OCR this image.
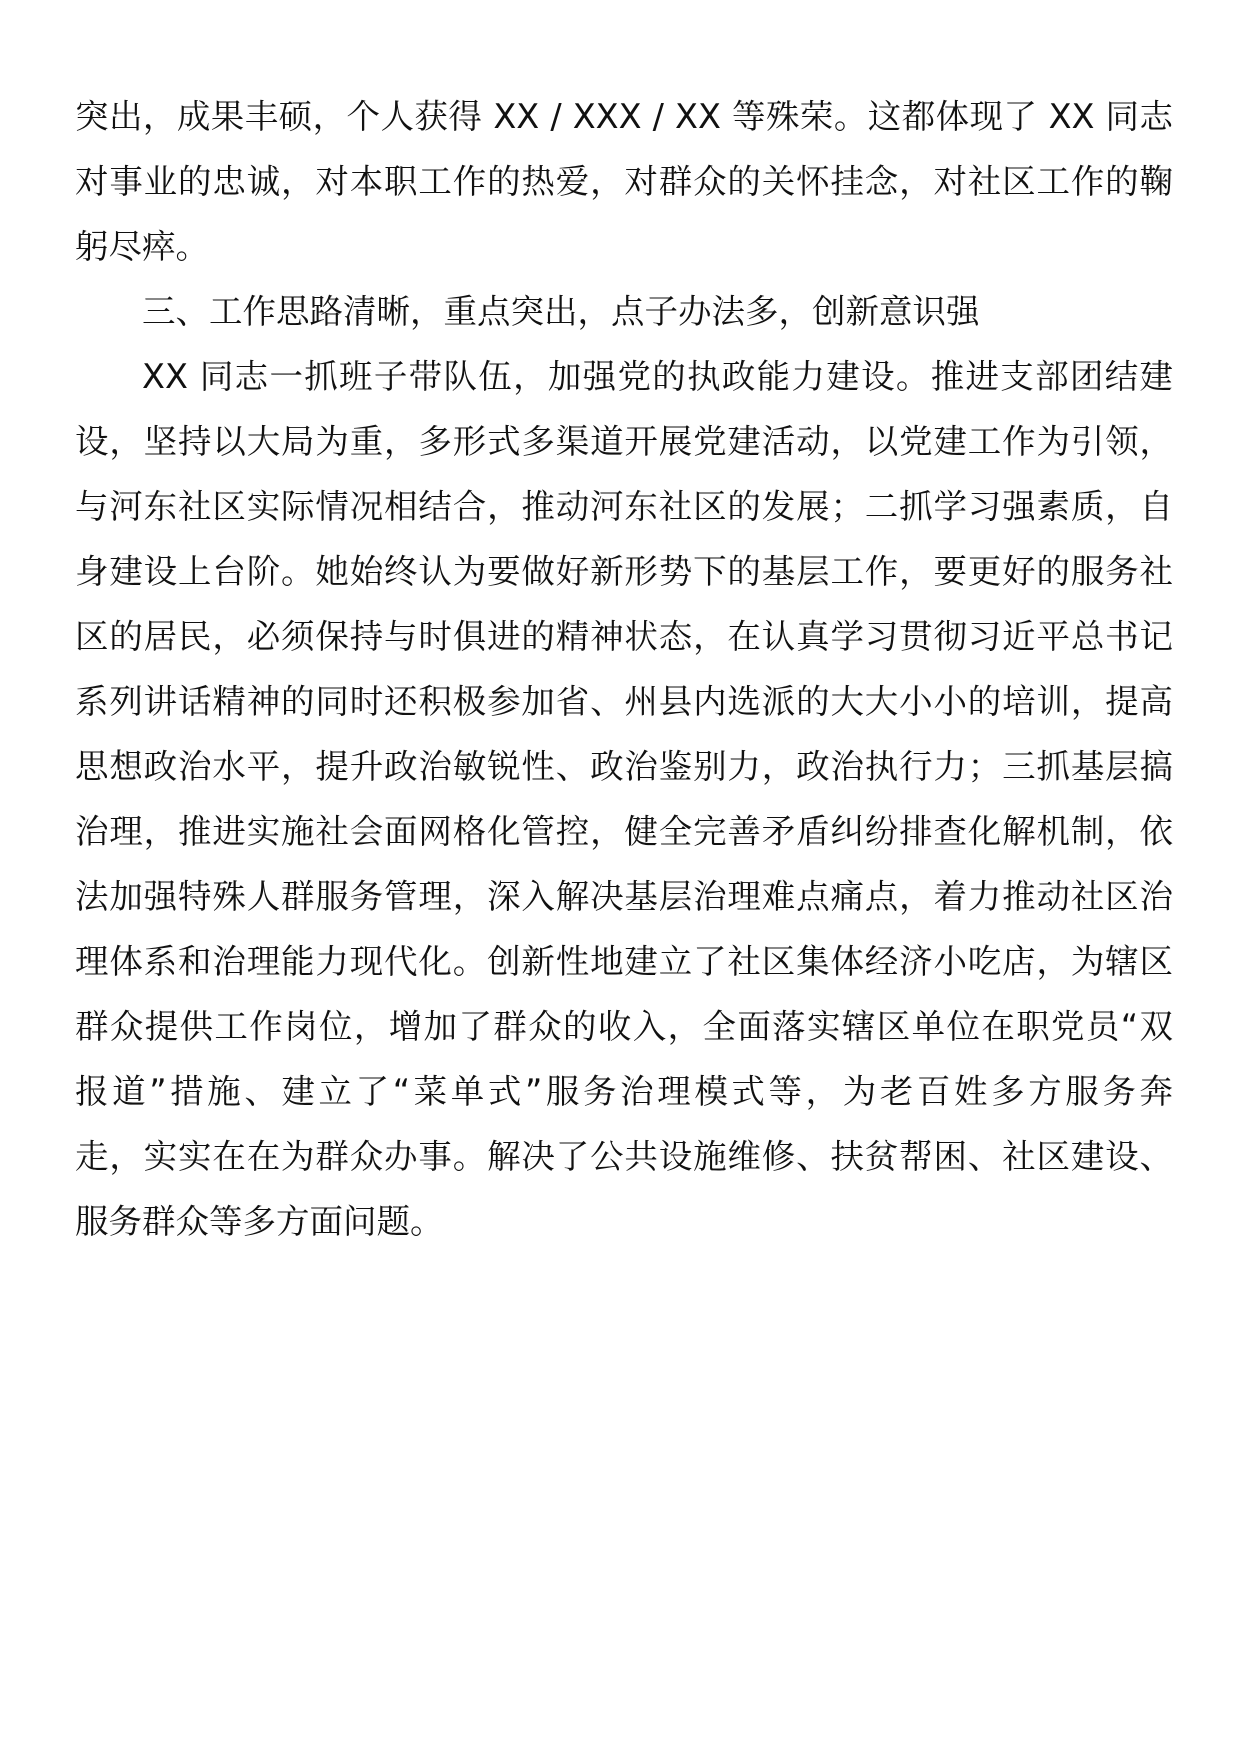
突出，成果丰硕，个人获得 XX / XXX / XX 等殊荣。这都体现了 XX 同志
对事业的忠诚，对本职工作的热爱，对群众的关怀挂念，对社区工作的鞠
躬尽瘁。
三、工作思路清晰，重点突出，点子办法多，创新意识强
XX 同志一抓班子带队伍，加强党的执政能力建设。推进支部团结建
设，坚持以大局为重，多形式多渠道开展党建活动，以党建工作为引领，
与河东社区实际情况相结合，推动河东社区的发展；二抓学习强素质，自
身建设上台阶。她始终认为要做好新形势下的基层工作，要更好的服务社
区的居民，必须保持与时俱进的精神状态，在认真学习贯彻习近平总书记
系列讲话精神的同时还积极参加省、州县内选派的大大小小的培训，提高
思想政治水平，提升政治敏锐性、政治鉴别力，政治执行力；三抓基层搞
治理，推进实施社会面网格化管控，健全完善矛盾纠纷排查化解机制，依
法加强特殊人群服务管理，深入解决基层治理难点痛点，着力推动社区治
理体系和治理能力现代化。创新性地建立了社区集体经济小吃店，为辖区
群众提供工作岗位，增加了群众的收入，全面落实辖区单位在职党员“双
报道”措施、建立了“菜单式”服务治理模式等，为老百姓多方服务奔
走，实实在在为群众办事。解决了公共设施维修、扶贫帮困、社区建设、
服务群众等多方面问题。
